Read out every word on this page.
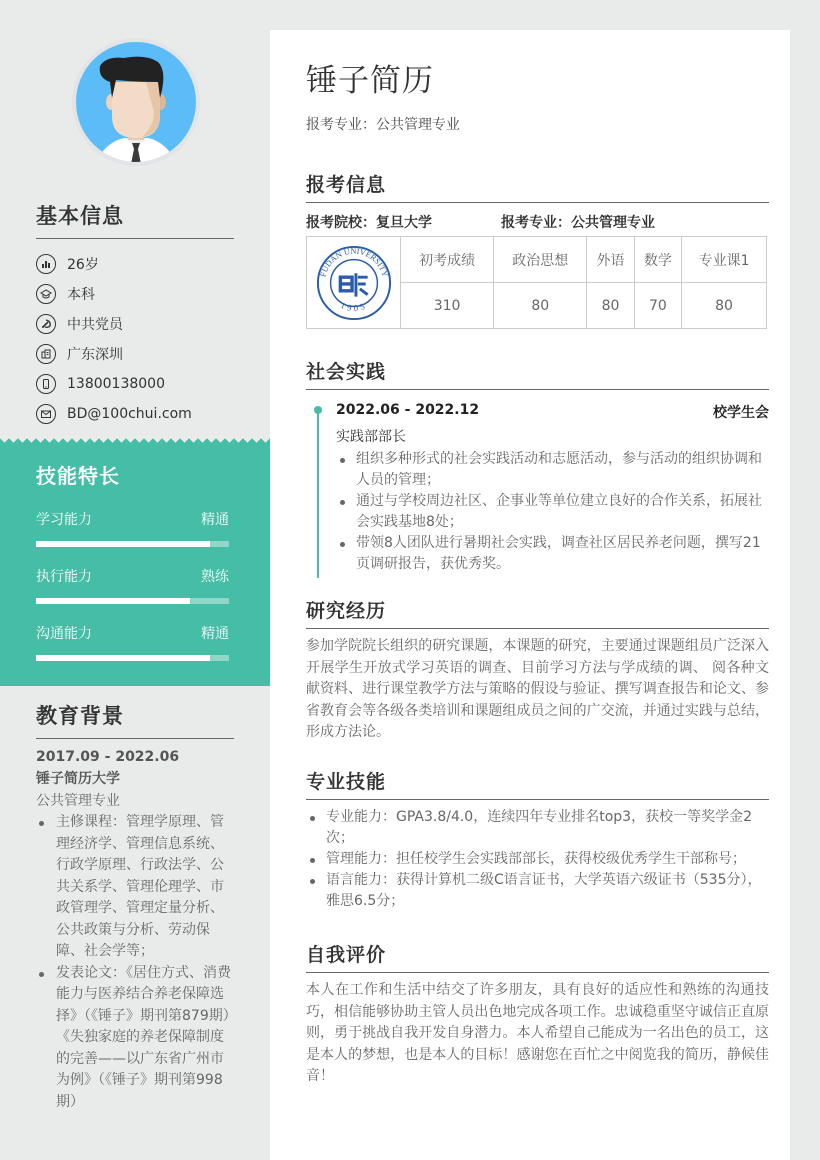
基本信息
26岁
本科
中共党员
广东深圳
13800138000
BD@100chui.com
技能特长
学习能力	精通
执行能力	熟练
沟通能力	精通
教育背景
2017.09 - 2022.06
锤子简历大学
公共管理专业
主修课程：管理学原理、管理经济学、管理信息系统、行政学原理、行政法学、公共关系学、管理伦理学、市政管理学、管理定量分析、公共政策与分析、劳动保障、社会学等；
发表论文：《居住方式、消费能力与医养结合养老保障选择》（《锤子》期刊第879期）　《失独家庭的养老保障制度的完善——以广东省广州市为例》（《锤子》期刊第998期）
锤子简历
报考专业：公共管理专业
报考信息
报考院校：复旦大学	报考专业：公共管理专业
FUDAN UNIVERSITY
1905	初考成绩	政治思想	外语	数学	专业课1
	310	80	80	70	80
社会实践
2022.06 - 2022.12	校学生会
实践部部长
组织多种形式的社会实践活动和志愿活动，参与活动的组织协调和人员的管理；
通过与学校周边社区、企事业等单位建立良好的合作关系，拓展社会实践基地8处；
带领8人团队进行暑期社会实践，调查社区居民养老问题，撰写21页调研报告，获优秀奖。
研究经历

参加学院院长组织的研究课题，本课题的研究，主要通过课题组员广泛深入开展学生开放式学习英语的调查、目前学习方法与学成绩的调、 阅各种文献资料、进行课堂教学方法与策略的假设与验证、撰写调查报告和论文、参省教育会等各级各类培训和课题组成员之间的广交流，并通过实践与总结，形成方法论。

专业技能
专业能力：GPA3.8/4.0，连续四年专业排名top3，获校一等奖学金2次；
管理能力：担任校学生会实践部部长，获得校级优秀学生干部称号；
语言能力：获得计算机二级C语言证书，大学英语六级证书（535分），雅思6.5分；
自我评价

本人在工作和生活中结交了许多朋友，具有良好的适应性和熟练的沟通技巧，相信能够协助主管人员出色地完成各项工作。忠诚稳重坚守诚信正直原则，勇于挑战自我开发自身潜力。本人希望自己能成为一名出色的员工，这是本人的梦想，也是本人的目标！感谢您在百忙之中阅览我的简历，静候佳音！
